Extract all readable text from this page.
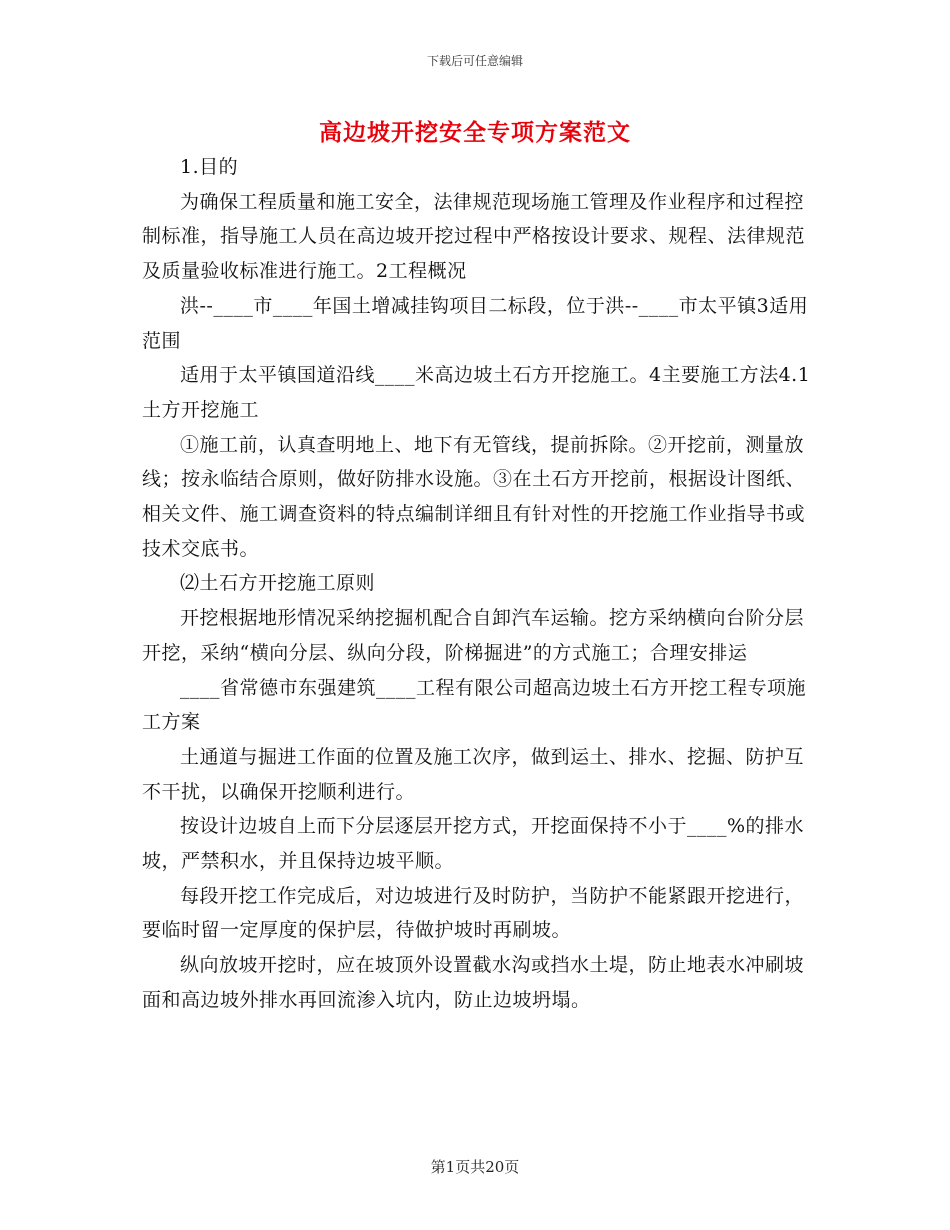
下载后可任意编辑
高边坡开挖安全专项方案范文

1.目的

为确保工程质量和施工安全，法律规范现场施工管理及作业程序和过程控制标准，指导施工人员在高边坡开挖过程中严格按设计要求、规程、法律规范及质量验收标准进行施工。2工程概况

洪--____市____年国土增减挂钩项目二标段，位于洪--____市太平镇3适用范围

适用于太平镇国道沿线____米高边坡土石方开挖施工。4主要施工方法4.1土方开挖施工

①施工前，认真查明地上、地下有无管线，提前拆除。②开挖前，测量放线；按永临结合原则，做好防排水设施。③在土石方开挖前，根据设计图纸、相关文件、施工调查资料的特点编制详细且有针对性的开挖施工作业指导书或技术交底书。

⑵土石方开挖施工原则

开挖根据地形情况采纳挖掘机配合自卸汽车运输。挖方采纳横向台阶分层开挖，采纳“横向分层、纵向分段，阶梯掘进”的方式施工；合理安排运

____省常德市东强建筑____工程有限公司超高边坡土石方开挖工程专项施工方案

土通道与掘进工作面的位置及施工次序，做到运土、排水、挖掘、防护互不干扰，以确保开挖顺利进行。

按设计边坡自上而下分层逐层开挖方式，开挖面保持不小于____%的排水坡，严禁积水，并且保持边坡平顺。

每段开挖工作完成后，对边坡进行及时防护，当防护不能紧跟开挖进行，要临时留一定厚度的保护层，待做护坡时再刷坡。

纵向放坡开挖时，应在坡顶外设置截水沟或挡水土堤，防止地表水冲刷坡面和高边坡外排水再回流渗入坑内，防止边坡坍塌。

第1页共20页
